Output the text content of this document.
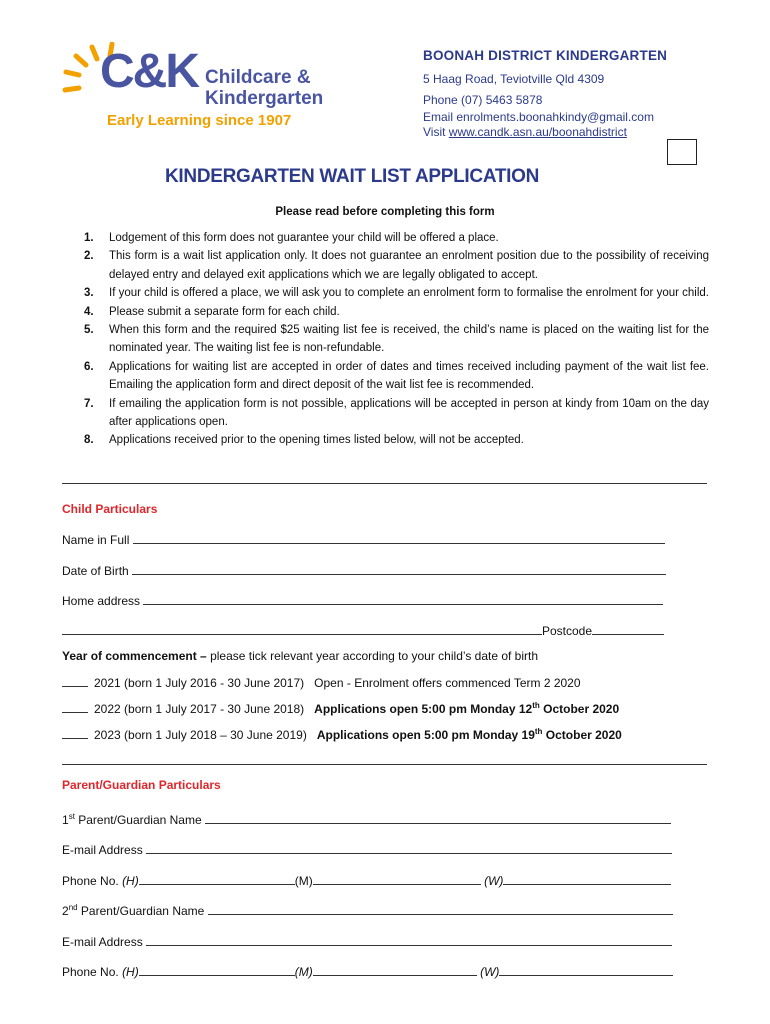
C&K Childcare &
Kindergarten
Early Learning since 1907
BOONAH DISTRICT KINDERGARTEN
5 Haag Road, Teviotville Qld 4309
Phone (07) 5463 5878
Email enrolments.boonahkindy@gmail.com
Visit www.candk.asn.au/boonahdistrict
KINDERGARTEN WAIT LIST APPLICATION
Please read before completing this form
1. Lodgement of this form does not guarantee your child will be offered a place.
2. This form is a wait list application only. It does not guarantee an enrolment position due to the possibility of receiving delayed entry and delayed exit applications which we are legally obligated to accept.
3. If your child is offered a place, we will ask you to complete an enrolment form to formalise the enrolment for your child.
4. Please submit a separate form for each child.
5. When this form and the required $25 waiting list fee is received, the child’s name is placed on the waiting list for the nominated year. The waiting list fee is non-refundable.
6. Applications for waiting list are accepted in order of dates and times received including payment of the wait list fee. Emailing the application form and direct deposit of the wait list fee is recommended.
7. If emailing the application form is not possible, applications will be accepted in person at kindy from 10am on the day after applications open.
8. Applications received prior to the opening times listed below, will not be accepted.
Child Particulars
Name in Full
Date of Birth
Home address
Postcode
Year of commencement – please tick relevant year according to your child’s date of birth
2021 (born 1 July 2016 - 30 June 2017) Open - Enrolment offers commenced Term 2 2020
2022 (born 1 July 2017 - 30 June 2018) Applications open 5:00 pm Monday 12th October 2020
2023 (born 1 July 2018 – 30 June 2019) Applications open 5:00 pm Monday 19th October 2020
Parent/Guardian Particulars
1st Parent/Guardian Name
E-mail Address
Phone No. (H)	(M)	(W)
2nd Parent/Guardian Name
E-mail Address
Phone No. (H)	(M)	(W)
